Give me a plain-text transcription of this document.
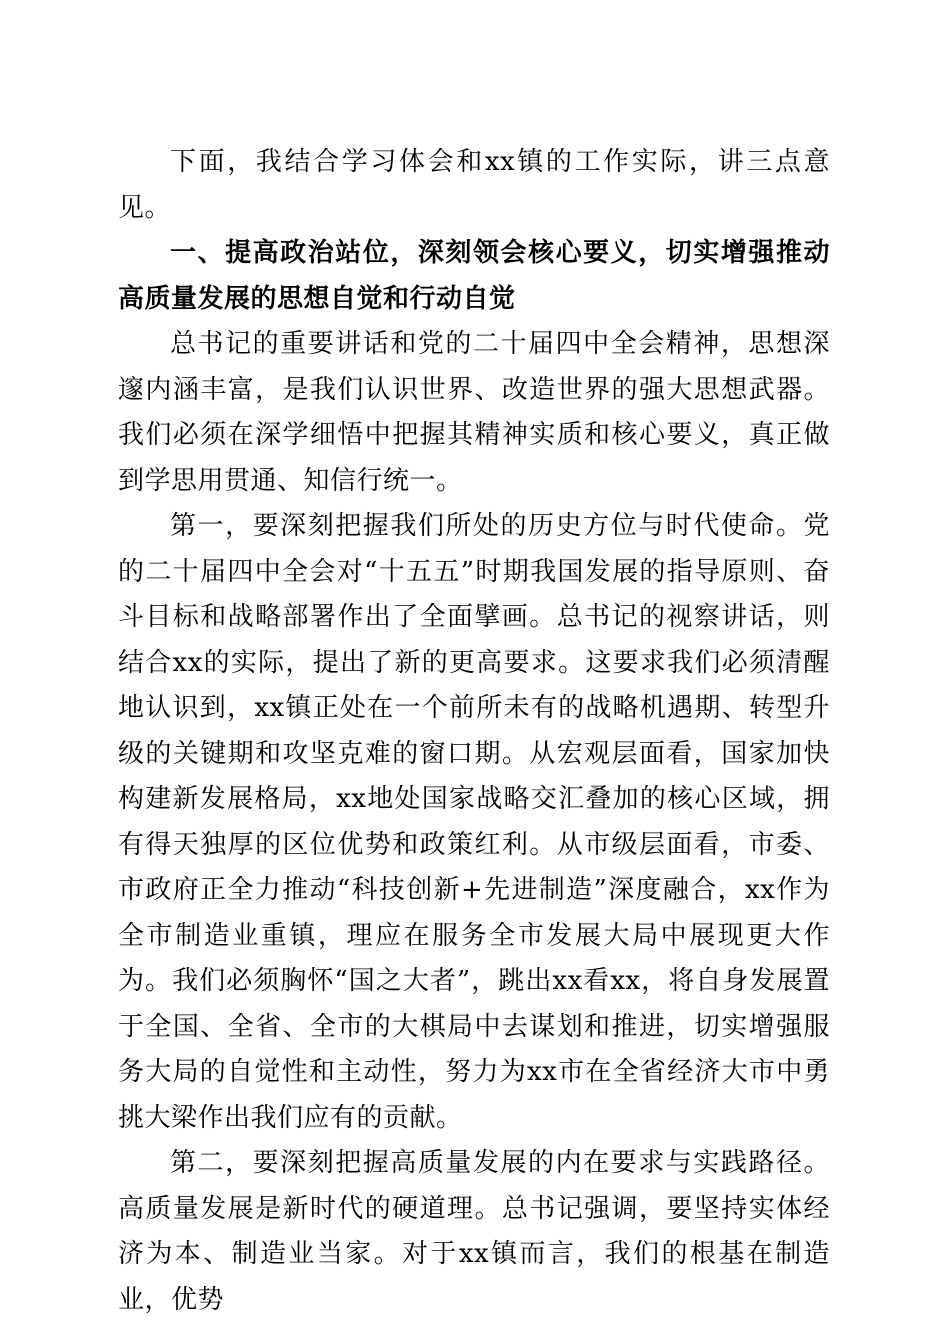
下面，我结合学习体会和xx镇的工作实际，讲三点意见。

一、提高政治站位，深刻领会核心要义，切实增强推动高质量发展的思想自觉和行动自觉

总书记的重要讲话和党的二十届四中全会精神，思想深邃内涵丰富，是我们认识世界、改造世界的强大思想武器。我们必须在深学细悟中把握其精神实质和核心要义，真正做到学思用贯通、知信行统一。

第一，要深刻把握我们所处的历史方位与时代使命。党的二十届四中全会对“十五五”时期我国发展的指导原则、奋斗目标和战略部署作出了全面擘画。总书记的视察讲话，则结合xx的实际，提出了新的更高要求。这要求我们必须清醒地认识到，xx镇正处在一个前所未有的战略机遇期、转型升级的关键期和攻坚克难的窗口期。从宏观层面看，国家加快构建新发展格局，xx地处国家战略交汇叠加的核心区域，拥有得天独厚的区位优势和政策红利。从市级层面看，市委、市政府正全力推动“科技创新+先进制造”深度融合，xx作为全市制造业重镇，理应在服务全市发展大局中展现更大作为。我们必须胸怀“国之大者”，跳出xx看xx，将自身发展置于全国、全省、全市的大棋局中去谋划和推进，切实增强服务大局的自觉性和主动性，努力为xx市在全省经济大市中勇挑大梁作出我们应有的贡献。

第二，要深刻把握高质量发展的内在要求与实践路径。高质量发展是新时代的硬道理。总书记强调，要坚持实体经济为本、制造业当家。对于xx镇而言，我们的根基在制造业，优势
